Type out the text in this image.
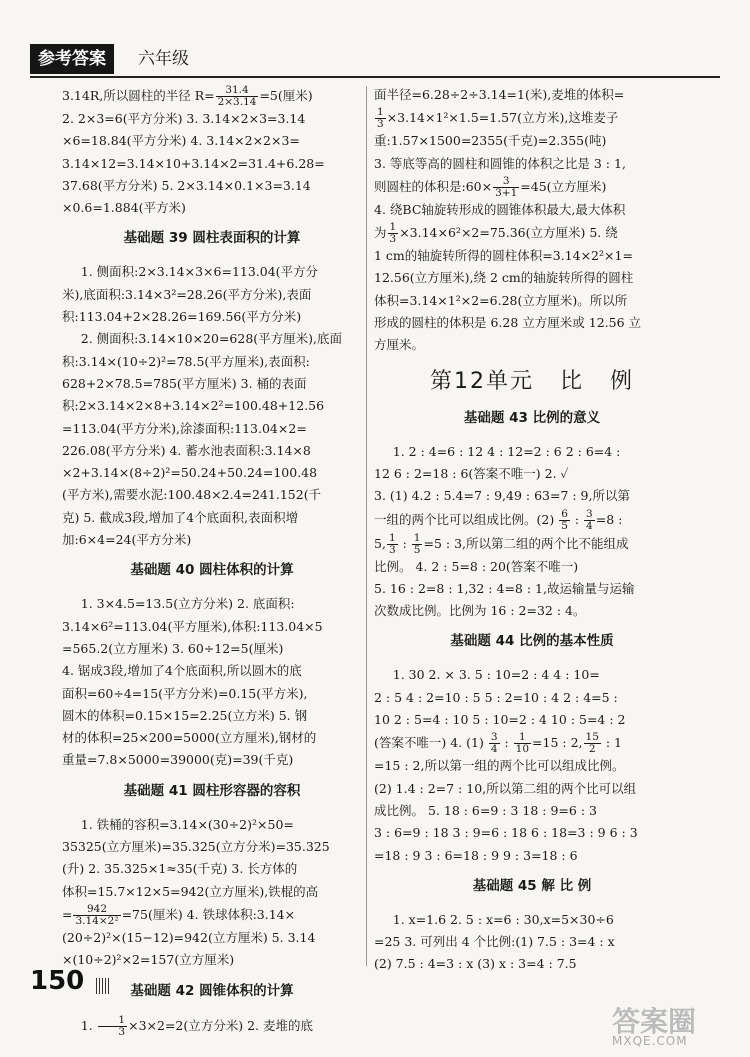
参考答案	六年级
3.14R,所以圆柱的半径 $R= \frac{31.4}{2\times 3.14} =5$(厘米)
2. 2×3=6(平方分米) 3. 3.14×2×3=3.14
×6=18.84(平方分米) 4. 3.14×2×2×3=
3.14×12=3.14×10+3.14×2=31.4+6.28=
37.68(平方分米) 5. 2×3.14×0.1×3=3.14
×0.6=1.884(平方米)
基础题 39 圆柱表面积的计算
1. 侧面积:2×3.14×3×6=113.04(平方分
米),底面积:3.14×3²=28.26(平方分米),表面
积:113.04+2×28.26=169.56(平方分米)
2. 侧面积:3.14×10×20=628(平方厘米),底面
积:3.14×(10÷2)²=78.5(平方厘米),表面积:
628+2×78.5=785(平方厘米) 3. 桶的表面
积:2×3.14×2×8+3.14×2²=100.48+12.56
=113.04(平方分米),涂漆面积:113.04×2=
226.08(平方分米) 4. 蓄水池表面积:3.14×8
×2+3.14×(8÷2)²=50.24+50.24=100.48
(平方米),需要水泥:100.48×2.4=241.152(千
克) 5. 截成3段,增加了4个底面积,表面积增
加:6×4=24(平方分米)
基础题 40 圆柱体积的计算
1. 3×4.5=13.5(立方分米) 2. 底面积:
3.14×6²=113.04(平方厘米),体积:113.04×5
=565.2(立方厘米) 3. 60÷12=5(厘米)
4. 锯成3段,增加了4个底面积,所以圆木的底
面积=60÷4=15(平方分米)=0.15(平方米),
圆木的体积=0.15×15=2.25(立方米) 5. 钢
材的体积=25×200=5000(立方厘米),钢材的
重量=7.8×5000=39000(克)=39(千克)
基础题 41 圆柱形容器的容积
1. 铁桶的容积=3.14×(30÷2)²×50=
35325(立方厘米)=35.325(立方分米)=35.325
(升) 2. 35.325×1≈35(千克) 3. 长方体的
体积=15.7×12×5=942(立方厘米),铁棍的高
= $\frac{942}{\text{3.14×2²}} =75$(厘米) 4. 铁球体积:3.14×
(20÷2)²×(15−12)=942(立方厘米) 5. 3.14
×(10÷2)²×2=157(立方厘米)
基础题 42 圆锥体积的计算
1. $\frac{1}{3} \times 3\times 2=2$(立方分米) 2. 麦堆的底
面半径=6.28÷2÷3.14=1(米),麦堆的体积=
$\frac{1}{3} \times 3.14\times 1^2\times 1.5=1.57$(立方米),这堆麦子
重:1.57×1500=2355(千克)=2.355(吨)
3. 等底等高的圆柱和圆锥的体积之比是 3 : 1,
则圆柱的体积是:60× $\frac{3}{3+1} =45$(立方厘米)
4. 绕BC轴旋转形成的圆锥体积最大,最大体积
为 $\frac{1}{3} \times 3.14\times 6^2\times 2=75.36$(立方厘米) 5. 绕
1 cm的轴旋转所得的圆柱体积=3.14×2²×1=
12.56(立方厘米),绕 2 cm的轴旋转所得的圆柱
体积=3.14×1²×2=6.28(立方厘米)。所以所
形成的圆柱的体积是 6.28 立方厘米或 12.56 立
方厘米。
第12单元 比 例
基础题 43 比例的意义
1. 2 : 4=6 : 12 4 : 12=2 : 6 2 : 6=4 :
12 6 : 2=18 : 6(答案不唯一) 2. ✓
3. (1) 4.2 : 5.4=7 : 9,49 : 63=7 : 9,所以第
一组的两个比可以组成比例。$(2) \frac{6}{5}$ : $\frac{3}{4} =8$ :
5, $\frac{1}{3}$ : $\frac{1}{5} =5$ : 3,所以第二组的两个比不能组成
比例。 4. 2 : 5=8 : 20(答案不唯一)
5. 16 : 2=8 : 1,32 : 4=8 : 1,故运输量与运输
次数成比例。比例为 16 : 2=32 : 4。
基础题 44 比例的基本性质
1. 30 2. × 3. 5 : 10=2 : 4 4 : 10=
2 : 5 4 : 2=10 : 5 5 : 2=10 : 4 2 : 4=5 :
10 2 : 5=4 : 10 5 : 10=2 : 4 10 : 5=4 : 2
(答案不唯一) 4. $(1) \frac{3}{4}$ : $\frac{1}{10} =15$ : 2, $\frac{15}{2}$ : 1
=15 : 2,所以第一组的两个比可以组成比例。
(2) 1.4 : 2=7 : 10,所以第二组的两个比可以组
成比例。 5. 18 : 6=9 : 3 18 : 9=6 : 3
3 : 6=9 : 18 3 : 9=6 : 18 6 : 18=3 : 9 6 : 3
=18 : 9 3 : 6=18 : 9 9 : 3=18 : 6
基础题 45 解 比 例
1. x=1.6 2. 5 : x=6 : 30,x=5×30÷6
=25 3. 可列出 4 个比例:(1) 7.5 : 3=4 : x
(2) 7.5 : 4=3 : x (3) x : 3=4 : 7.5
150
答案圈
MXQE.COM
